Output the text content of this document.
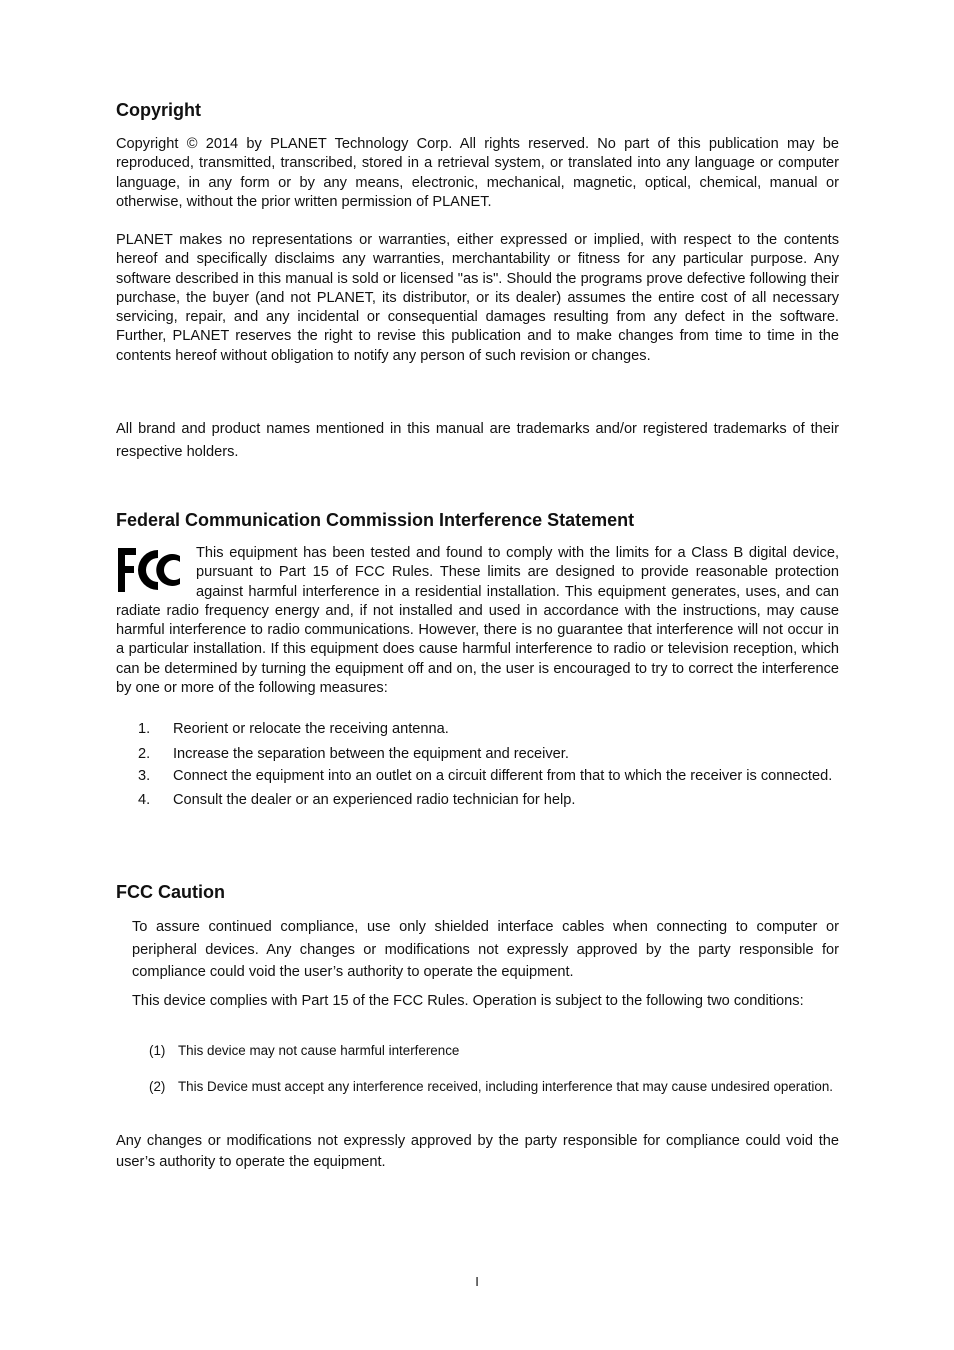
Copyright

Copyright © 2014 by PLANET Technology Corp. All rights reserved. No part of this publication may be reproduced, transmitted, transcribed, stored in a retrieval system, or translated into any language or computer language, in any form or by any means, electronic, mechanical, magnetic, optical, chemical, manual or otherwise, without the prior written permission of PLANET.

PLANET makes no representations or warranties, either expressed or implied, with respect to the contents hereof and specifically disclaims any warranties, merchantability or fitness for any particular purpose. Any software described in this manual is sold or licensed "as is". Should the programs prove defective following their purchase, the buyer (and not PLANET, its distributor, or its dealer) assumes the entire cost of all necessary servicing, repair, and any incidental or consequential damages resulting from any defect in the software. Further, PLANET reserves the right to revise this publication and to make changes from time to time in the contents hereof without obligation to notify any person of such revision or changes.

All brand and product names mentioned in this manual are trademarks and/or registered trademarks of their respective holders.

Federal Communication Commission Interference Statement
This equipment has been tested and found to comply with the limits for a Class B digital device, pursuant to Part 15 of FCC Rules. These limits are designed to provide reasonable protection against harmful interference in a residential installation. This equipment generates, uses, and can radiate radio frequency energy and, if not installed and used in accordance with the instructions, may cause harmful interference to radio communications. However, there is no guarantee that interference will not occur in a particular installation. If this equipment does cause harmful interference to radio or television reception, which can be determined by turning the equipment off and on, the user is encouraged to try to correct the interference by one or more of the following measures:
1. Reorient or relocate the receiving antenna.
2. Increase the separation between the equipment and receiver.
3. Connect the equipment into an outlet on a circuit different from that to which the receiver is connected.
4. Consult the dealer or an experienced radio technician for help.
FCC Caution

To assure continued compliance, use only shielded interface cables when connecting to computer or peripheral devices. Any changes or modifications not expressly approved by the party responsible for compliance could void the user’s authority to operate the equipment.

This device complies with Part 15 of the FCC Rules. Operation is subject to the following two conditions:

(1) This device may not cause harmful interference
(2) This Device must accept any interference received, including interference that may cause undesired operation.

Any changes or modifications not expressly approved by the party responsible for compliance could void the user’s authority to operate the equipment.

I
